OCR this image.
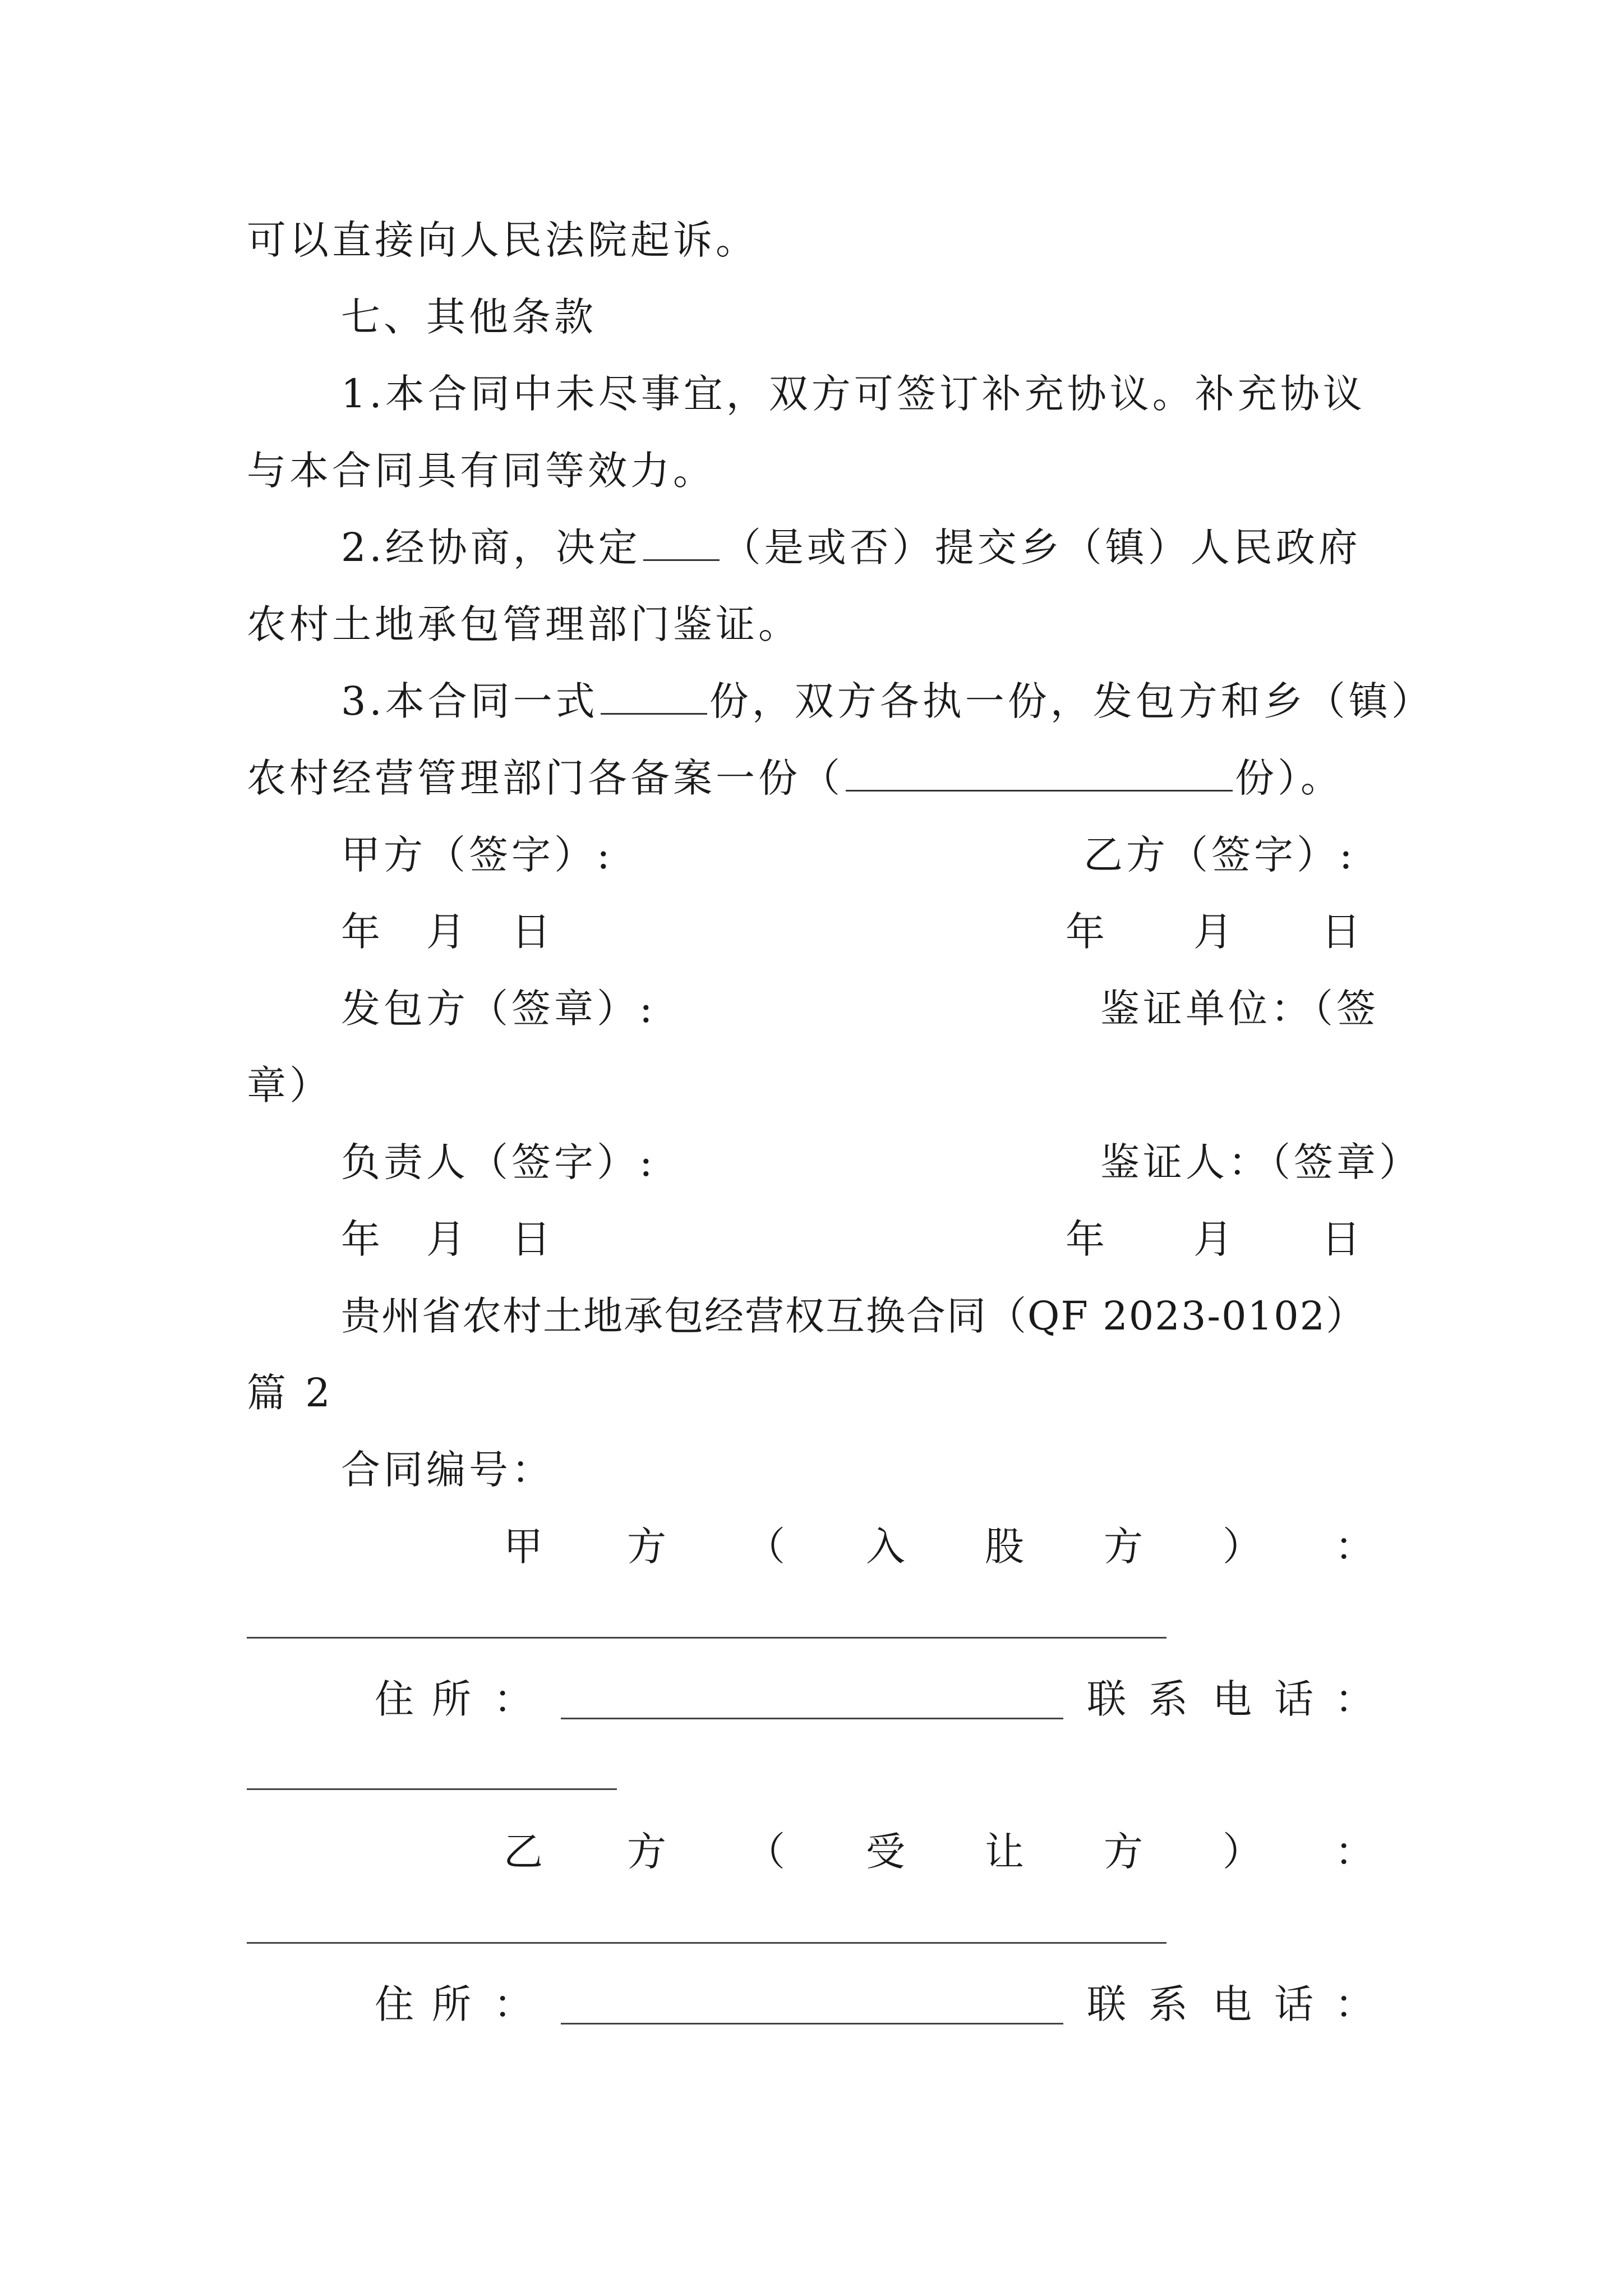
可以直接向人民法院起诉。
七、其他条款
1.本合同中未尽事宜，双方可签订补充协议。补充协议
与本合同具有同等效力。
2.经协商，决定 （是或否）提交乡（镇）人民政府
农村土地承包管理部门鉴证。
3.本合同一式	份，双方各执一份，发包方和乡（镇）
农村经营管理部门各备案一份（	份）。
甲方（签字）:	乙方（签字）:
年　月　日	年　　月　　日
发包方（签章）:	鉴证单位：（签
章）
负责人（签字）:	鉴证人：（签章）
年　月　日	年　　月　　日
贵州省农村土地承包经营权互换合同（QF 2023-0102）
篇 2
合同编号：
甲 方 （ 入 股 方 ） ：
住 所 ：	联 系 电 话 ：
乙 方 （ 受 让 方 ） ：
住 所 ：	联 系 电 话 ：
